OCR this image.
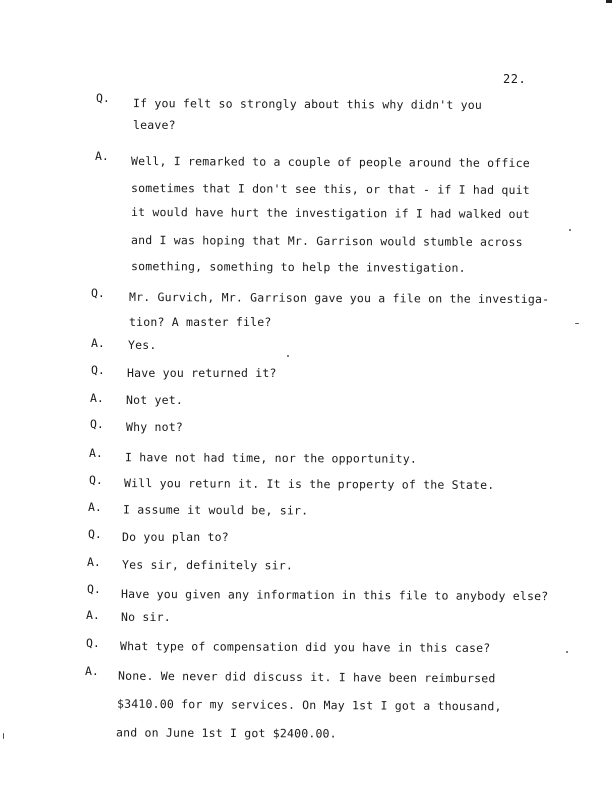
22.
Q. If you felt so strongly about this why didn't you
leave?
A. Well, I remarked to a couple of people around the office
sometimes that I don't see this, or that - if I had quit
it would have hurt the investigation if I had walked out
and I was hoping that Mr. Garrison would stumble across
something, something to help the investigation.
Q. Mr. Gurvich, Mr. Garrison gave you a file on the investiga-
tion? A master file?
A. Yes.
Q. Have you returned it?
A. Not yet.
Q. Why not?
A. I have not had time, nor the opportunity.
Q. Will you return it. It is the property of the State.
A. I assume it would be, sir.
Q. Do you plan to?
A. Yes sir, definitely sir.
Q. Have you given any information in this file to anybody else?
A. No sir.
Q. What type of compensation did you have in this case?
A. None. We never did discuss it. I have been reimbursed
$3410.00 for my services. On May 1st I got a thousand,
and on June 1st I got $2400.00.
